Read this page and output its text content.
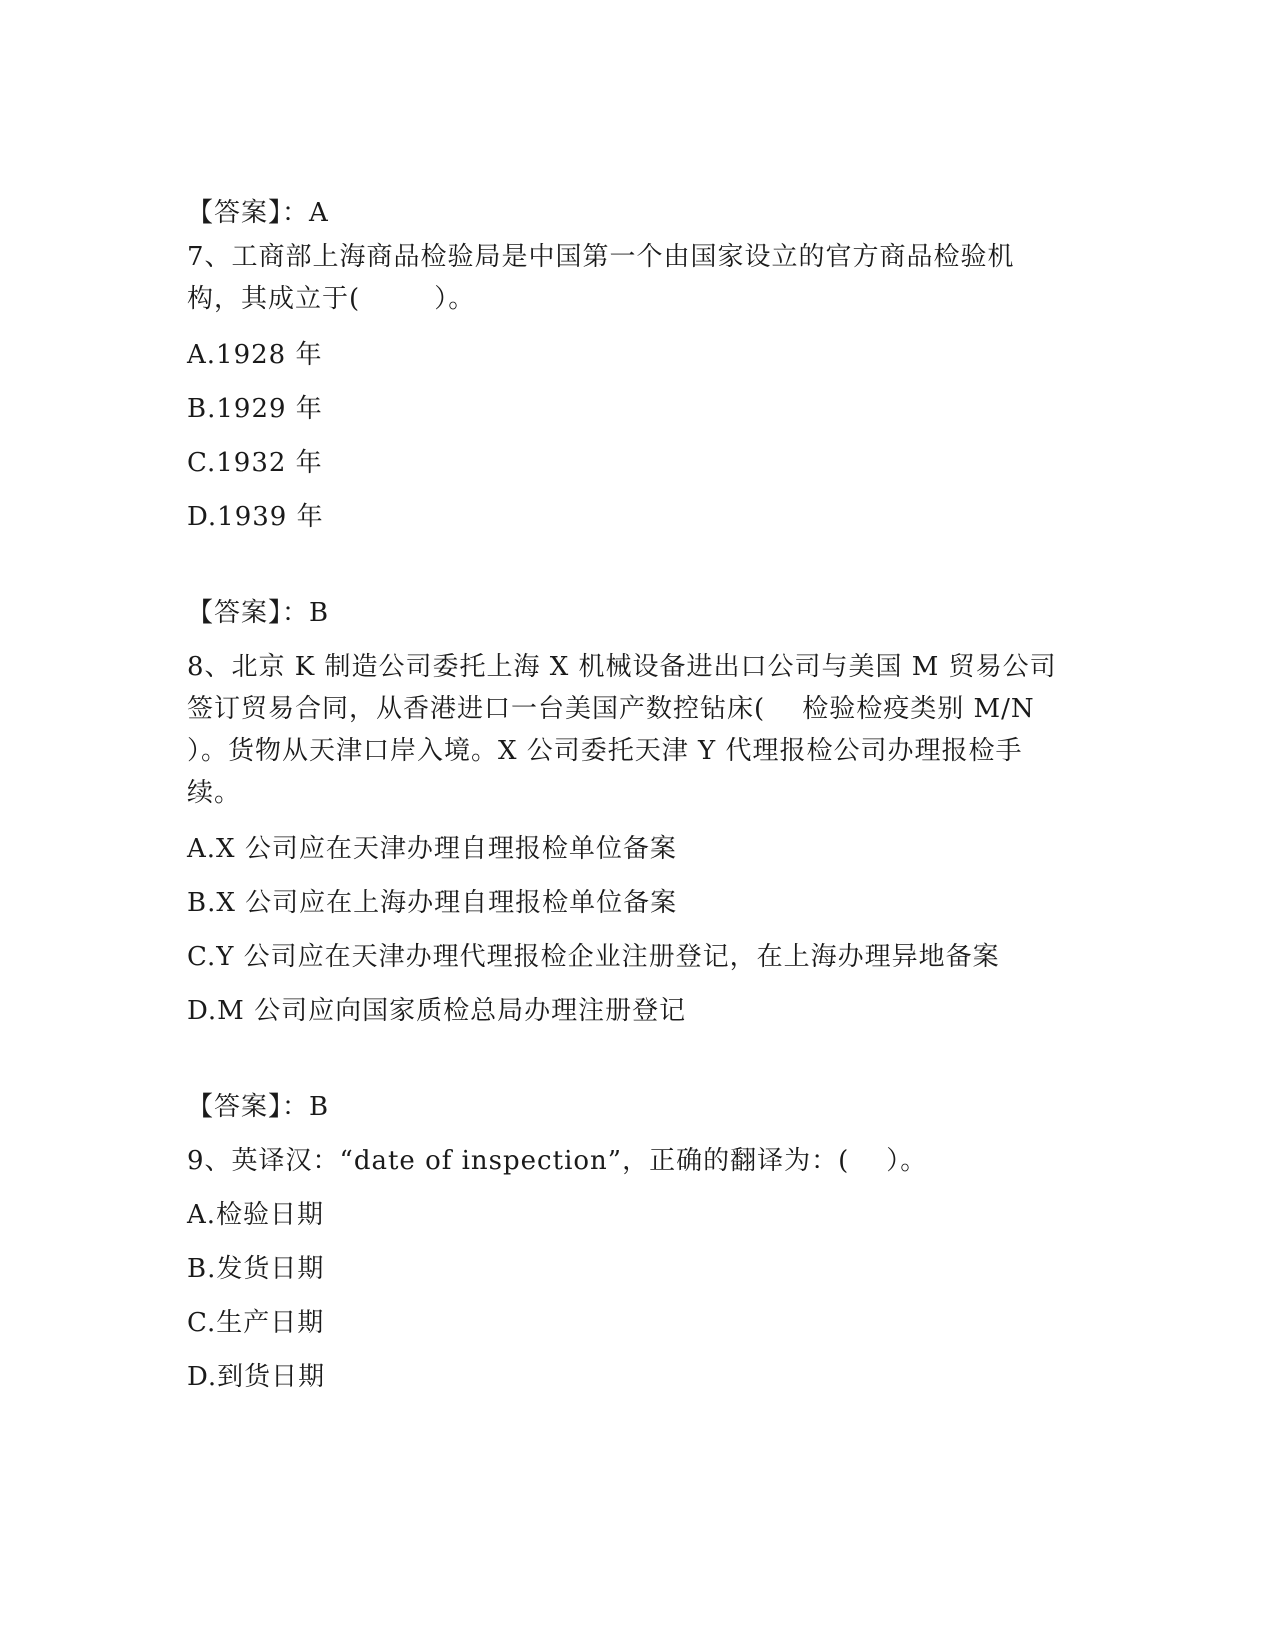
【答案】：A
7、工商部上海商品检验局是中国第一个由国家设立的官方商品检验机
构，其成立于(        ）。
A.1928 年
B.1929 年
C.1932 年
D.1939 年
【答案】：B
8、北京 K 制造公司委托上海 X 机械设备进出口公司与美国 M 贸易公司
签订贸易合同，从香港进口一台美国产数控钻床(    检验检疫类别 M/N
）。货物从天津口岸入境。X 公司委托天津 Y 代理报检公司办理报检手
续。
A.X 公司应在天津办理自理报检单位备案
B.X 公司应在上海办理自理报检单位备案
C.Y 公司应在天津办理代理报检企业注册登记，在上海办理异地备案
D.M 公司应向国家质检总局办理注册登记
【答案】：B
9、英译汉：“date of inspection”，正确的翻译为：(    ）。
A.检验日期
B.发货日期
C.生产日期
D.到货日期
